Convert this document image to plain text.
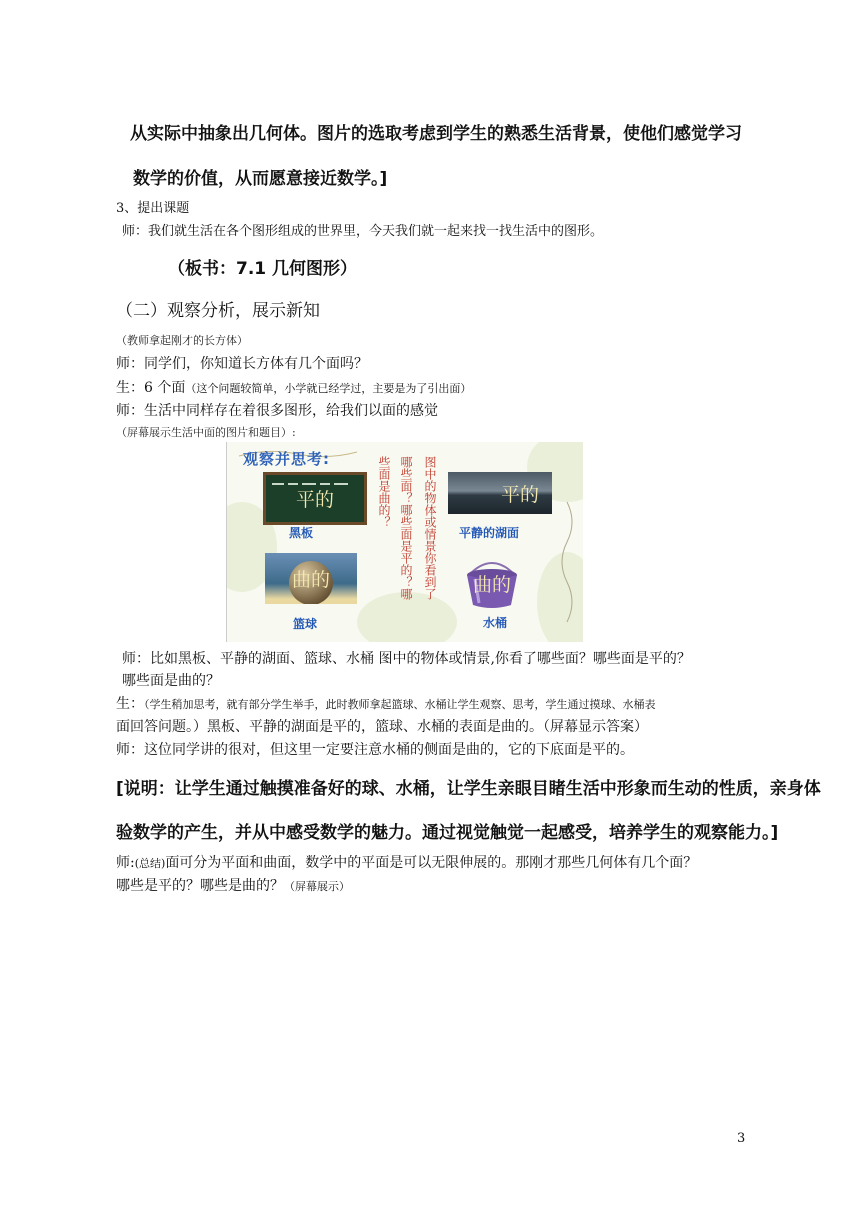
从实际中抽象出几何体。图片的选取考虑到学生的熟悉生活背景，使他们感觉学习
数学的价值，从而愿意接近数学。]
3、提出课题
师：我们就生活在各个图形组成的世界里，今天我们就一起来找一找生活中的图形。
（板书：7.1 几何图形）
（二）观察分析，展示新知
（教师拿起刚才的长方体）
师：同学们，你知道长方体有几个面吗？
生：6 个面（这个问题较简单，小学就已经学过，主要是为了引出面）
师：生活中同样存在着很多图形，给我们以面的感觉
（屏幕展示生活中面的图片和题目）:
观察并思考:
平的
黑板
平的
平静的湖面
曲的
篮球
曲的
水桶
图中的物体或情景你看到了
哪些面？哪些面是平的？哪
些面是曲的？
师：比如黑板、平静的湖面、篮球、水桶 图中的物体或情景,你看了哪些面？哪些面是平的？
哪些面是曲的？
生：（学生稍加思考，就有部分学生举手，此时教师拿起篮球、水桶让学生观察、思考，学生通过摸球、水桶表
面回答问题。）黑板、平静的湖面是平的，篮球、水桶的表面是曲的。（屏幕显示答案）
师：这位同学讲的很对，但这里一定要注意水桶的侧面是曲的，它的下底面是平的。
[说明：让学生通过触摸准备好的球、水桶，让学生亲眼目睹生活中形象而生动的性质，亲身体
验数学的产生，并从中感受数学的魅力。通过视觉触觉一起感受，培养学生的观察能力。]
师:(总结)面可分为平面和曲面，数学中的平面是可以无限伸展的。那刚才那些几何体有几个面？
哪些是平的？哪些是曲的？（屏幕展示）
3
